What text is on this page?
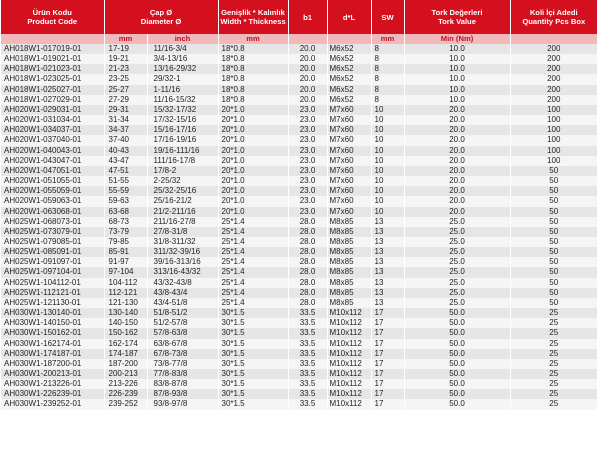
Ürün Kodu
Product Code	Çap Ø
Diameter Ø		Genişlik * Kalınlık
Width * Thickness	b1	d*L	SW	Tork Değerleri
Tork Value	Koli İçi Adedi
Quantity Pcs Box

	mm	inch	mm			mm	Min (Nm)	
AH018W1-017019-01	17-19	11/16-3/4	18*0.8	20.0	M6x52	8	10.0	200
AH018W1-019021-01	19-21	3/4-13/16	18*0.8	20.0	M6x52	8	10.0	200
AH018W1-021023-01	21-23	13/16-29/32	18*0.8	20.0	M6x52	8	10.0	200
AH018W1-023025-01	23-25	29/32-1	18*0.8	20.0	M6x52	8	10.0	200
AH018W1-025027-01	25-27	1-11/16	18*0.8	20.0	M6x52	8	10.0	200
AH018W1-027029-01	27-29	11/16-15/32	18*0.8	20.0	M6x52	8	10.0	200
AH020W1-029031-01	29-31	15/32-17/32	20*1.0	23.0	M7x60	10	20.0	100
AH020W1-031034-01	31-34	17/32-15/16	20*1.0	23.0	M7x60	10	20.0	100
AH020W1-034037-01	34-37	15/16-17/16	20*1.0	23.0	M7x60	10	20.0	100
AH020W1-037040-01	37-40	17/16-19/16	20*1.0	23.0	M7x60	10	20.0	100
AH020W1-040043-01	40-43	19/16-111/16	20*1.0	23.0	M7x60	10	20.0	100
AH020W1-043047-01	43-47	111/16-17/8	20*1.0	23.0	M7x60	10	20.0	100
AH020W1-047051-01	47-51	17/8-2	20*1.0	23.0	M7x60	10	20.0	50
AH020W1-051055-01	51-55	2-25/32	20*1.0	23.0	M7x60	10	20.0	50
AH020W1-055059-01	55-59	25/32-25/16	20*1.0	23.0	M7x60	10	20.0	50
AH020W1-059063-01	59-63	25/16-21/2	20*1.0	23.0	M7x60	10	20.0	50
AH020W1-063068-01	63-68	21/2-211/16	20*1.0	23.0	M7x60	10	20.0	50
AH025W1-068073-01	68-73	211/16-27/8	25*1.4	28.0	M8x85	13	25.0	50
AH025W1-073079-01	73-79	27/8-31/8	25*1.4	28.0	M8x85	13	25.0	50
AH025W1-079085-01	79-85	31/8-311/32	25*1.4	28.0	M8x85	13	25.0	50
AH025W1-085091-01	85-91	311/32-39/16	25*1.4	28.0	M8x85	13	25.0	50
AH025W1-091097-01	91-97	39/16-313/16	25*1.4	28.0	M8x85	13	25.0	50
AH025W1-097104-01	97-104	313/16-43/32	25*1.4	28.0	M8x85	13	25.0	50
AH025W1-104112-01	104-112	43/32-43/8	25*1.4	28.0	M8x85	13	25.0	50
AH025W1-112121-01	112-121	43/8-43/4	25*1.4	28.0	M8x85	13	25.0	50
AH025W1-121130-01	121-130	43/4-51/8	25*1.4	28.0	M8x85	13	25.0	50
AH030W1-130140-01	130-140	51/8-51/2	30*1.5	33.5	M10x112	17	50.0	25
AH030W1-140150-01	140-150	51/2-57/8	30*1.5	33.5	M10x112	17	50.0	25
AH030W1-150162-01	150-162	57/8-63/8	30*1.5	33.5	M10x112	17	50.0	25
AH030W1-162174-01	162-174	63/8-67/8	30*1.5	33.5	M10x112	17	50.0	25
AH030W1-174187-01	174-187	67/8-73/8	30*1.5	33.5	M10x112	17	50.0	25
AH030W1-187200-01	187-200	73/8-77/8	30*1.5	33.5	M10x112	17	50.0	25
AH030W1-200213-01	200-213	77/8-83/8	30*1.5	33.5	M10x112	17	50.0	25
AH030W1-213226-01	213-226	83/8-87/8	30*1.5	33.5	M10x112	17	50.0	25
AH030W1-226239-01	226-239	87/8-93/8	30*1.5	33.5	M10x112	17	50.0	25
AH030W1-239252-01	239-252	93/8-97/8	30*1.5	33.5	M10x112	17	50.0	25
